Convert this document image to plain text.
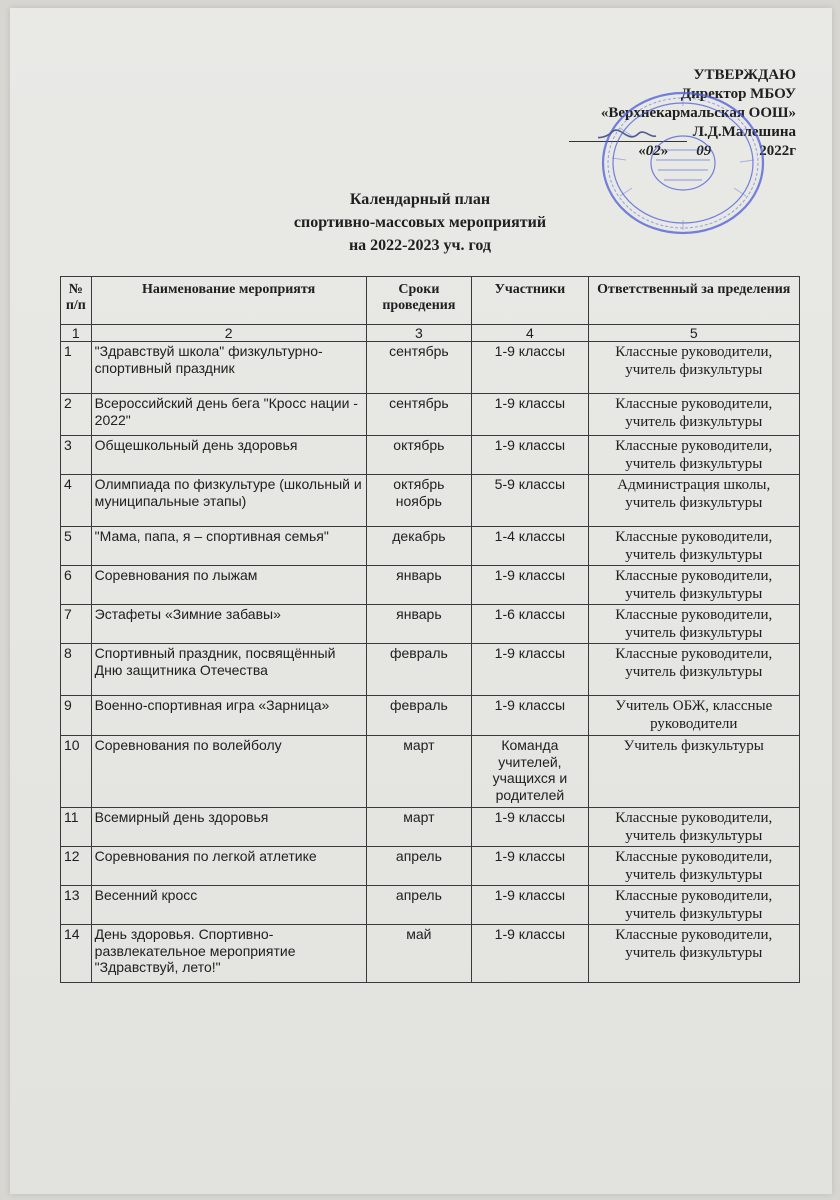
УТВЕРЖДАЮ
Директор МБОУ
«Верхнекармальская ООШ»
Л.Д.Малешина
«02» 09	2022г
Календарный план
спортивно-массовых мероприятий
на 2022-2023 уч. год
№ п/п	Наименование мероприятя	Сроки проведения	Участники	Ответственный за пределения
1	2	3	4	5
1	"Здравствуй школа" физкультурно-спортивный праздник	сентябрь	1-9 классы	Классные руководители, учитель физкультуры
2	Всероссийский день бега "Кросс нации - 2022"	сентябрь	1-9 классы	Классные руководители, учитель физкультуры
3	Общешкольный день здоровья	октябрь	1-9 классы	Классные руководители, учитель физкультуры
4	Олимпиада по физкультуре (школьный и муниципальные этапы)	октябрь ноябрь	5-9 классы	Администрация школы, учитель физкультуры
5	"Мама, папа, я – спортивная семья"	декабрь	1-4 классы	Классные руководители, учитель физкультуры
6	Соревнования по лыжам	январь	1-9 классы	Классные руководители, учитель физкультуры
7	Эстафеты «Зимние забавы»	январь	1-6 классы	Классные руководители, учитель физкультуры
8	Спортивный праздник, посвящённый Дню защитника Отечества	февраль	1-9 классы	Классные руководители, учитель физкультуры
9	Военно-спортивная игра «Зарница»	февраль	1-9 классы	Учитель ОБЖ, классные руководители
10	Соревнования по волейболу	март	Команда учителей, учащихся и родителей	Учитель физкультуры
11	Всемирный день здоровья	март	1-9 классы	Классные руководители, учитель физкультуры
12	Соревнования по легкой атлетике	апрель	1-9 классы	Классные руководители, учитель физкультуры
13	Весенний кросс	апрель	1-9 классы	Классные руководители, учитель физкультуры
14	День здоровья. Спортивно-развлекательное мероприятие "Здравствуй, лето!"	май	1-9 классы	Классные руководители, учитель физкультуры
